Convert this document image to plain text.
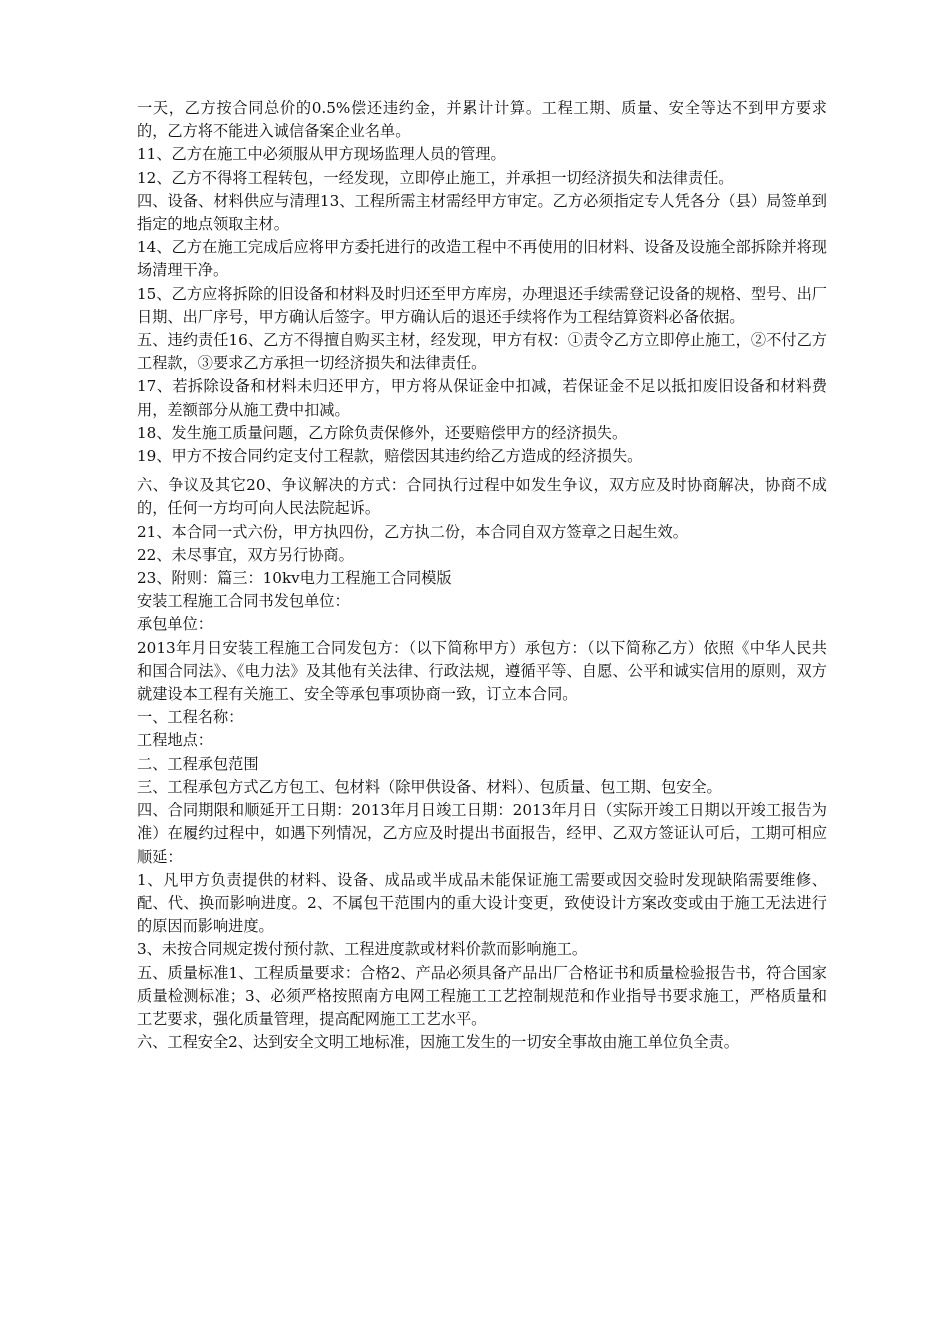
一天，乙方按合同总价的0.5%偿还违约金，并累计计算。工程工期、质量、安全等达不到甲方要求的，乙方将不能进入诚信备案企业名单。

11、乙方在施工中必须服从甲方现场监理人员的管理。

12、乙方不得将工程转包，一经发现，立即停止施工，并承担一切经济损失和法律责任。

四、设备、材料供应与清理13、工程所需主材需经甲方审定。乙方必须指定专人凭各分（县）局签单到指定的地点领取主材。

14、乙方在施工完成后应将甲方委托进行的改造工程中不再使用的旧材料、设备及设施全部拆除并将现场清理干净。

15、乙方应将拆除的旧设备和材料及时归还至甲方库房，办理退还手续需登记设备的规格、型号、出厂日期、出厂序号，甲方确认后签字。甲方确认后的退还手续将作为工程结算资料必备依据。

五、违约责任16、乙方不得擅自购买主材，经发现，甲方有权：①责令乙方立即停止施工，②不付乙方工程款，③要求乙方承担一切经济损失和法律责任。

17、若拆除设备和材料未归还甲方，甲方将从保证金中扣减，若保证金不足以抵扣废旧设备和材料费用，差额部分从施工费中扣减。

18、发生施工质量问题，乙方除负责保修外，还要赔偿甲方的经济损失。

19、甲方不按合同约定支付工程款，赔偿因其违约给乙方造成的经济损失。

六、争议及其它20、争议解决的方式：合同执行过程中如发生争议，双方应及时协商解决，协商不成的，任何一方均可向人民法院起诉。

21、本合同一式六份，甲方执四份，乙方执二份，本合同自双方签章之日起生效。

22、未尽事宜，双方另行协商。

23、附则：篇三：10kv电力工程施工合同模版

安装工程施工合同书发包单位：

承包单位：

2013年月日安装工程施工合同发包方：（以下简称甲方）承包方：（以下简称乙方）依照《中华人民共和国合同法》、《电力法》及其他有关法律、行政法规，遵循平等、自愿、公平和诚实信用的原则，双方就建设本工程有关施工、安全等承包事项协商一致，订立本合同。

一、工程名称：

工程地点：

二、工程承包范围

三、工程承包方式乙方包工、包材料（除甲供设备、材料）、包质量、包工期、包安全。

四、合同期限和顺延开工日期：2013年月日竣工日期：2013年月日（实际开竣工日期以开竣工报告为准）在履约过程中，如遇下列情况，乙方应及时提出书面报告，经甲、乙双方签证认可后，工期可相应顺延：

1、凡甲方负责提供的材料、设备、成品或半成品未能保证施工需要或因交验时发现缺陷需要维修、配、代、换而影响进度。2、不属包干范围内的重大设计变更，致使设计方案改变或由于施工无法进行的原因而影响进度。

3、未按合同规定拨付预付款、工程进度款或材料价款而影响施工。

五、质量标准1、工程质量要求：合格2、产品必须具备产品出厂合格证书和质量检验报告书，符合国家质量检测标准；3、必须严格按照南方电网工程施工工艺控制规范和作业指导书要求施工，严格质量和工艺要求，强化质量管理，提高配网施工工艺水平。

六、工程安全2、达到安全文明工地标准，因施工发生的一切安全事故由施工单位负全责。
